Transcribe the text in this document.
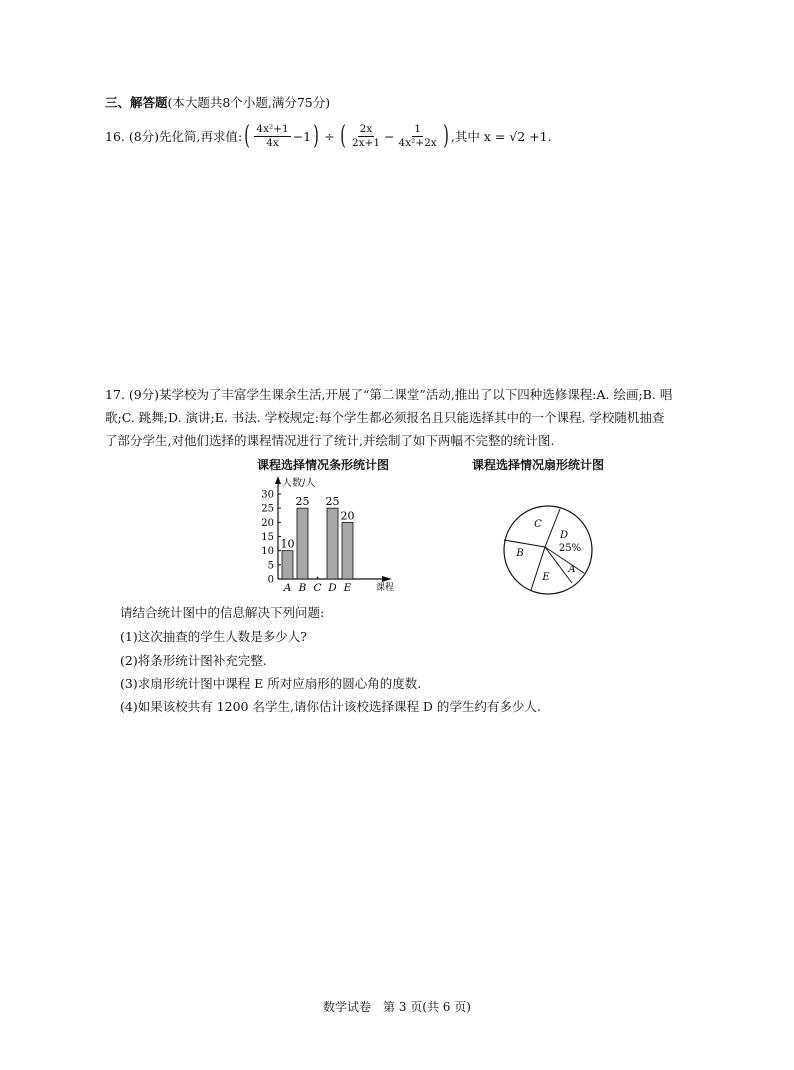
三、解答题(本大题共8个小题,满分75分)
16. (8分)先化简,再求值: ( $\frac{\text{4x²+1}}{4x} -1$ ) ÷ ( $\frac{2x}{2x+1} - \frac{1}{\text{4x²+2x}}$ ) ,其中 x = √2 +1.
17. (9分)某学校为了丰富学生课余生活,开展了“第二课堂”活动,推出了以下四种选修课程:A. 绘画;B. 唱
歌;C. 跳舞;D. 演讲;E. 书法. 学校规定:每个学生都必须报名且只能选择其中的一个课程. 学校随机抽查
了部分学生,对他们选择的课程情况进行了统计,并绘制了如下两幅不完整的统计图.
课程选择情况条形统计图	课程选择情况扇形统计图
人数/人
课程
0
5
10
15
20
25
30
10
A
25
B C
25
D
20
E
A
B
C
D
E
25%
请结合统计图中的信息解决下列问题:
(1)这次抽查的学生人数是多少人?
(2)将条形统计图补充完整.
(3)求扇形统计图中课程 E 所对应扇形的圆心角的度数.
(4)如果该校共有 1200 名学生,请你估计该校选择课程 D 的学生约有多少人.
数学试卷　第 3 页(共 6 页)
